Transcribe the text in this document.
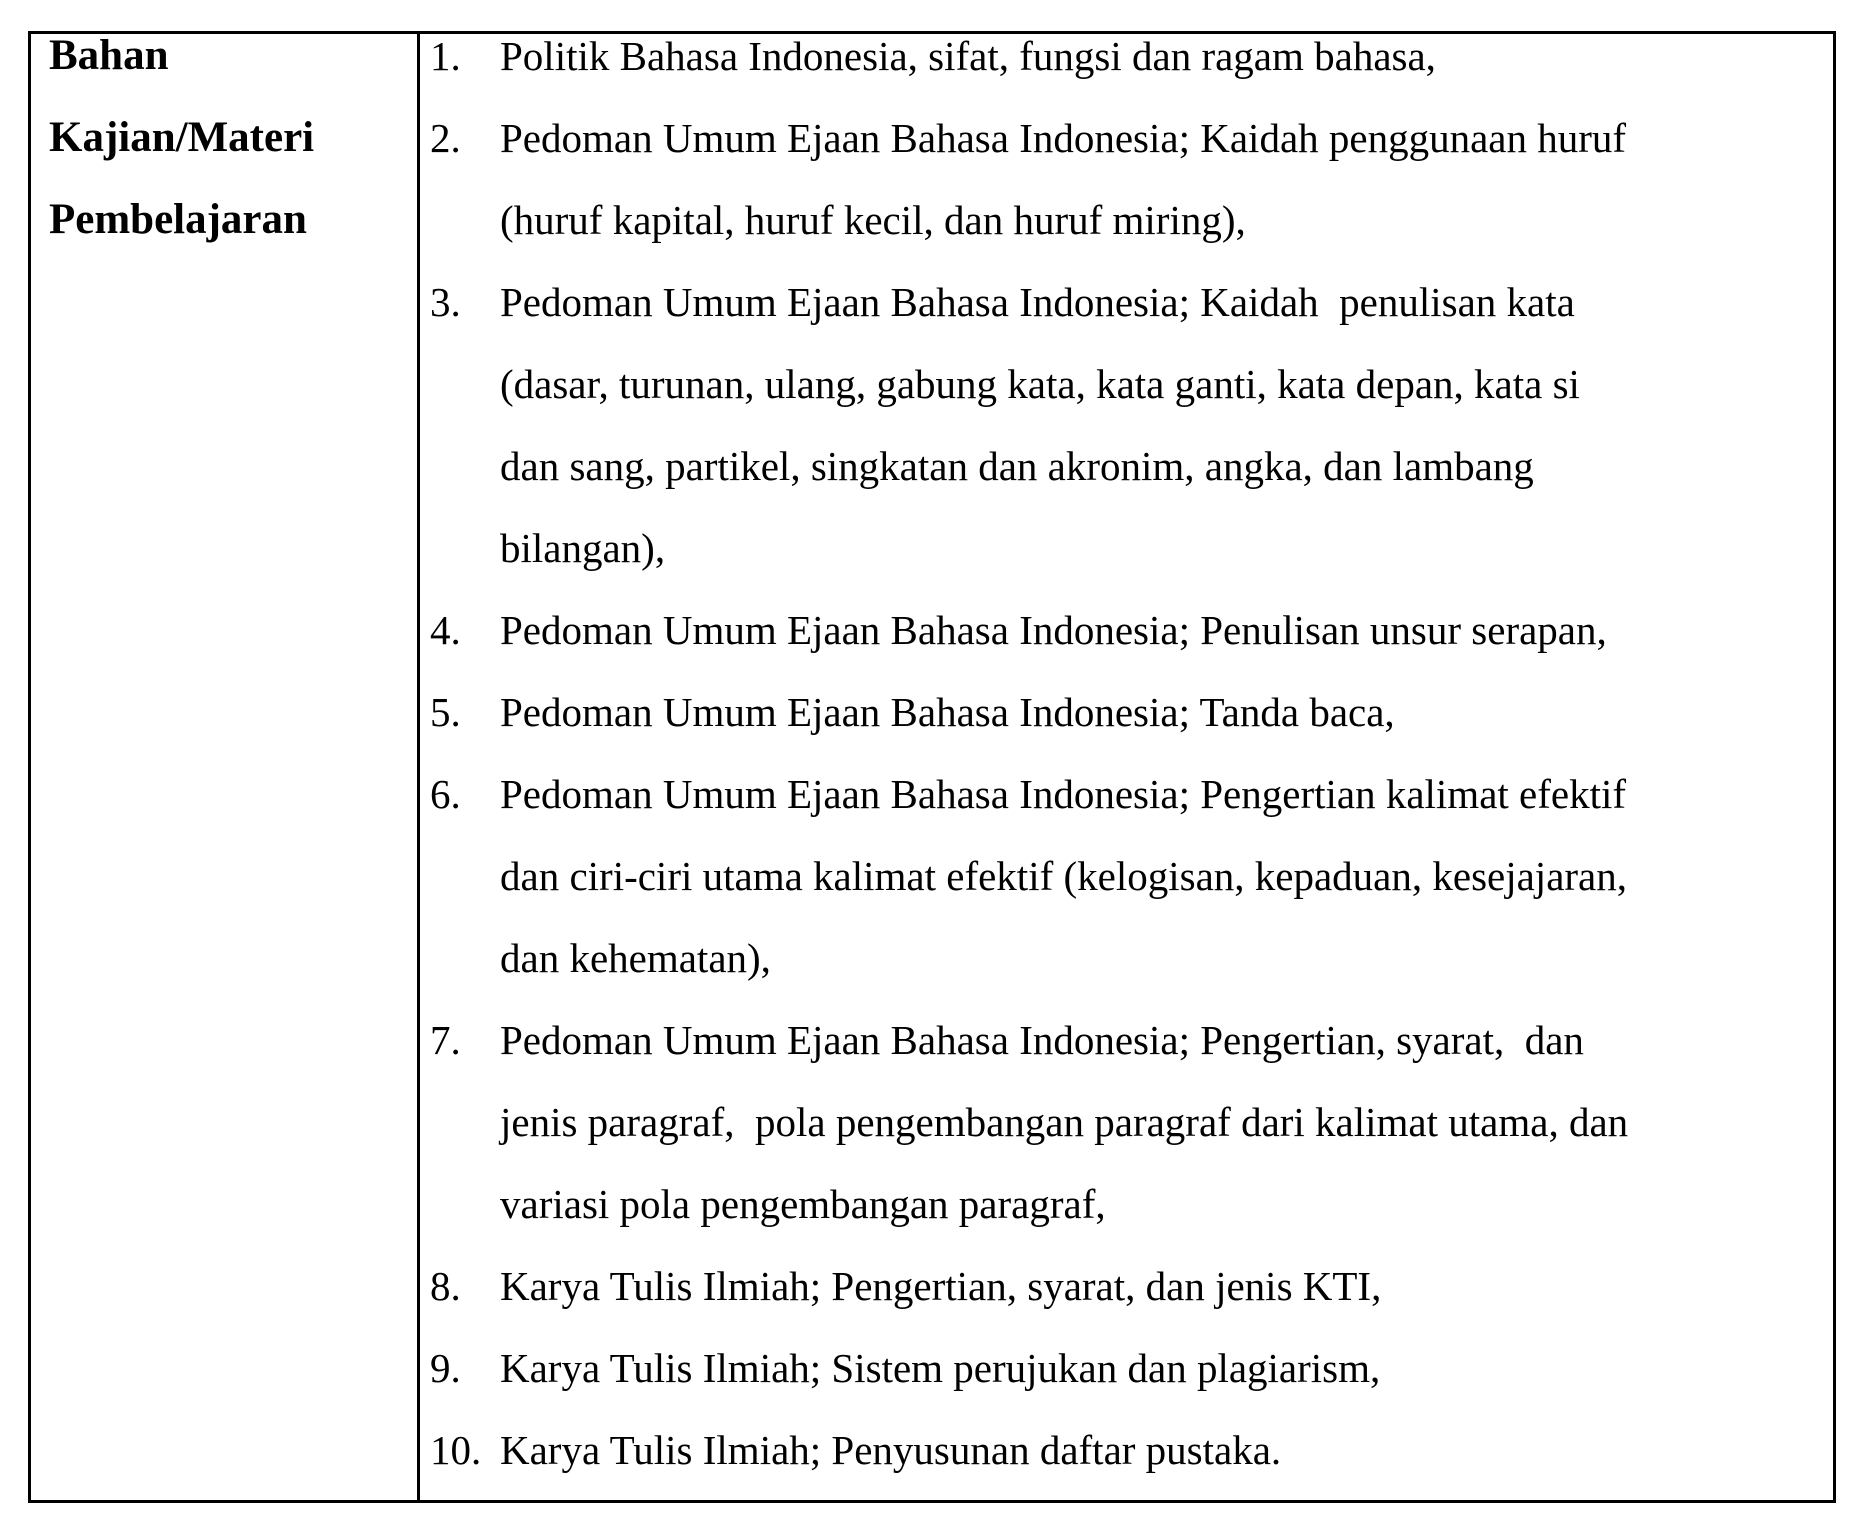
Bahan
Kajian/Materi
Pembelajaran
1. Politik Bahasa Indonesia, sifat, fungsi dan ragam bahasa,
2. Pedoman Umum Ejaan Bahasa Indonesia; Kaidah penggunaan huruf
(huruf kapital, huruf kecil, dan huruf miring),
3. Pedoman Umum Ejaan Bahasa Indonesia; Kaidah  penulisan kata
(dasar, turunan, ulang, gabung kata, kata ganti, kata depan, kata si
dan sang, partikel, singkatan dan akronim, angka, dan lambang
bilangan),
4. Pedoman Umum Ejaan Bahasa Indonesia; Penulisan unsur serapan,
5. Pedoman Umum Ejaan Bahasa Indonesia; Tanda baca,
6. Pedoman Umum Ejaan Bahasa Indonesia; Pengertian kalimat efektif
dan ciri-ciri utama kalimat efektif (kelogisan, kepaduan, kesejajaran,
dan kehematan),
7. Pedoman Umum Ejaan Bahasa Indonesia; Pengertian, syarat,  dan
jenis paragraf,  pola pengembangan paragraf dari kalimat utama, dan
variasi pola pengembangan paragraf,
8. Karya Tulis Ilmiah; Pengertian, syarat, dan jenis KTI,
9. Karya Tulis Ilmiah; Sistem perujukan dan plagiarism,
10. Karya Tulis Ilmiah; Penyusunan daftar pustaka.
